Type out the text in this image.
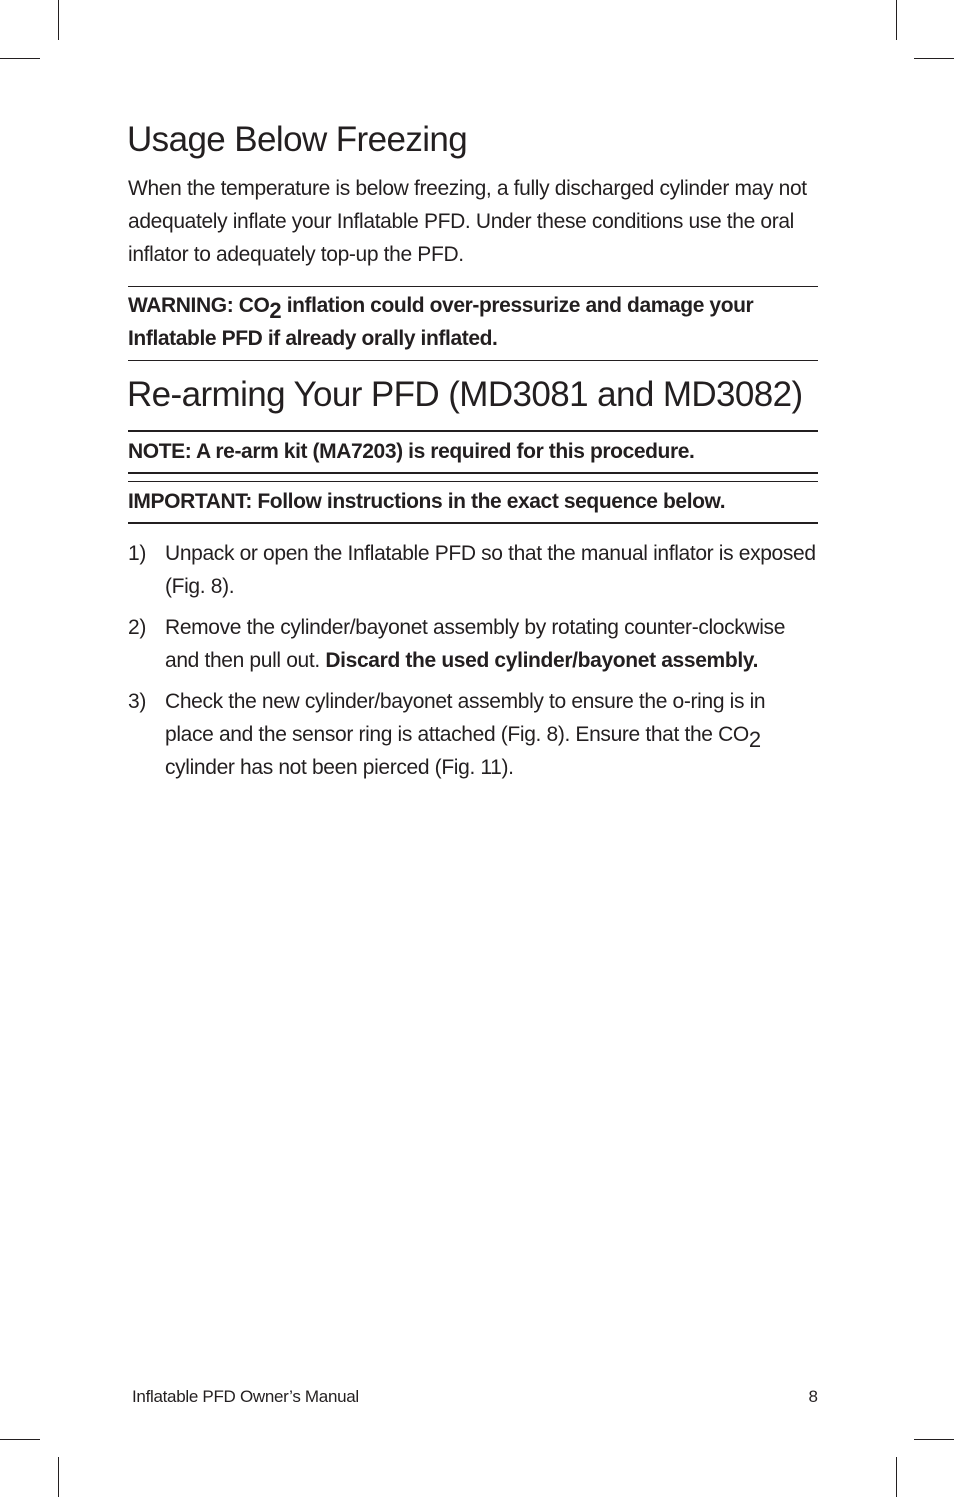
Usage Below Freezing

When the temperature is below freezing, a fully discharged cylinder may not adequately inflate your Inflatable PFD. Under these conditions use the oral inflator to adequately top-up the PFD.

WARNING: $CO_2$ inflation could over-pressurize and damage your Inflatable PFD if already orally inflated.
Re-arming Your PFD (MD3081 and MD3082)
NOTE: A re-arm kit (MA7203) is required for this procedure.
IMPORTANT: Follow instructions in the exact sequence below.
1) Unpack or open the Inflatable PFD so that the manual inflator is exposed (Fig. 8).
2) Remove the cylinder/bayonet assembly by rotating counter-clockwise and then pull out. Discard the used cylinder/bayonet assembly.
3) Check the new cylinder/bayonet assembly to ensure the o-ring is in place and the sensor ring is attached (Fig. 8). Ensure that the $CO_2$ cylinder has not been pierced (Fig. 11).
Inflatable PFD Owner’s Manual	8
